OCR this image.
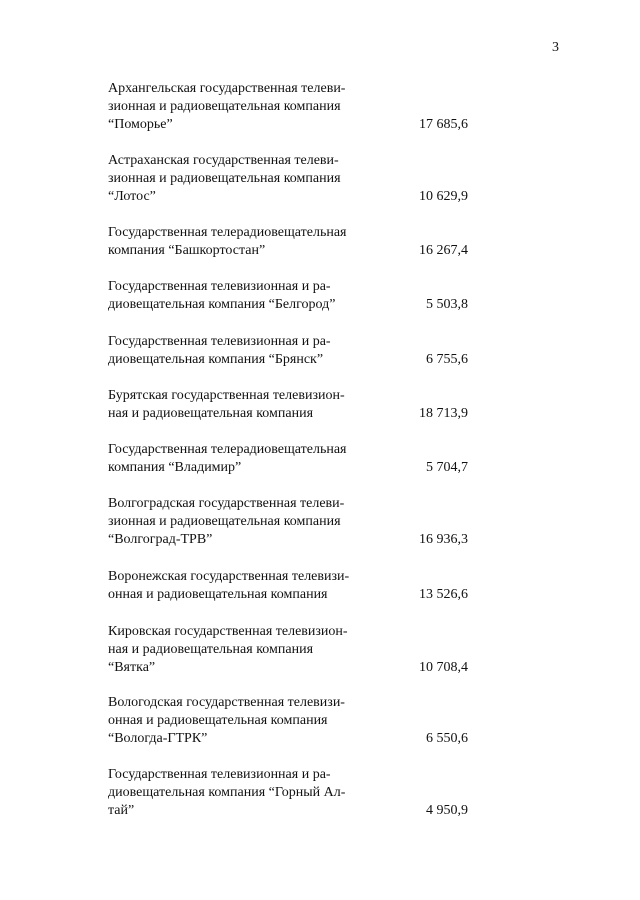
3
Архангельская государственная телеви-
зионная и радиовещательная компания
“Поморье”	17 685,6
Астраханская государственная телеви-
зионная и радиовещательная компания
“Лотос”	10 629,9
Государственная телерадиовещательная
компания “Башкортостан”	16 267,4
Государственная телевизионная и ра-
диовещательная компания “Белгород”	5 503,8
Государственная телевизионная и ра-
диовещательная компания “Брянск”	6 755,6
Бурятская государственная телевизион-
ная и радиовещательная компания	18 713,9
Государственная телерадиовещательная
компания “Владимир”	5 704,7
Волгоградская государственная телеви-
зионная и радиовещательная компания
“Волгоград-ТРВ”	16 936,3
Воронежская государственная телевизи-
онная и радиовещательная компания	13 526,6
Кировская государственная телевизион-
ная и радиовещательная компания
“Вятка”	10 708,4
Вологодская государственная телевизи-
онная и радиовещательная компания
“Вологда-ГТРК”	6 550,6
Государственная телевизионная и ра-
диовещательная компания “Горный Ал-
тай”	4 950,9
